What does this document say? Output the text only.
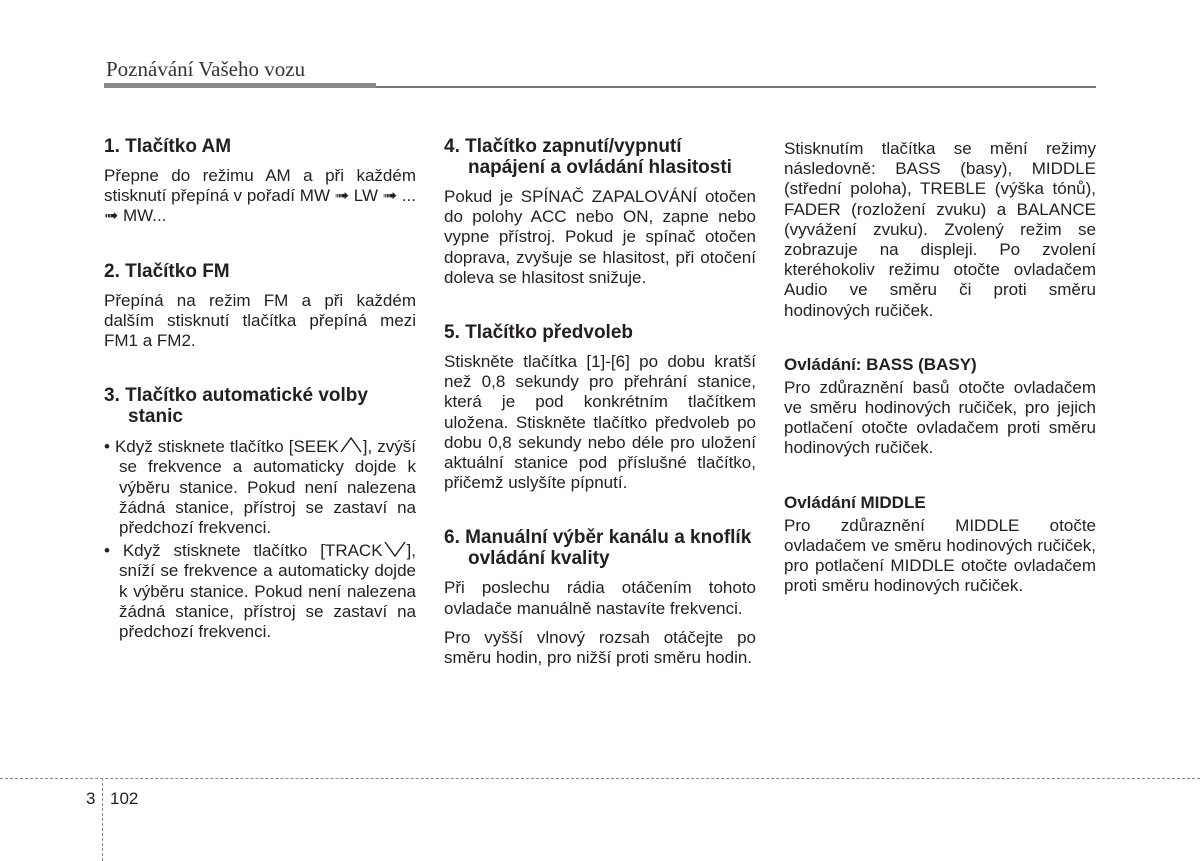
Poznávání Vašeho vozu
1. Tlačítko AM

Přepne do režimu AM a při každém stisknutí přepíná v pořadí MW ➟ LW ➟ ... ➟ MW...

2. Tlačítko FM

Přepíná na režim FM a při každém dalším stisknutí tlačítka přepíná mezi FM1 a FM2.

3. Tlačítko automatické volby stanic
• Když stisknete tlačítko [SEEK ], zvýší se frekvence a automaticky dojde k výběru stanice. Pokud není nalezena žádná stanice, přístroj se zastaví na předchozí frekvenci.
• Když stisknete tlačítko [TRACK ], sníží se frekvence a automaticky dojde k výběru stanice. Pokud není nalezena žádná stanice, přístroj se zastaví na předchozí frekvenci.
4. Tlačítko zapnutí/vypnutí napájení a ovládání hlasitosti

Pokud je SPÍNAČ ZAPALOVÁNÍ otočen do polohy ACC nebo ON, zapne nebo vypne přístroj. Pokud je spínač otočen doprava, zvyšuje se hlasitost, při otočení doleva se hlasitost snižuje.

5. Tlačítko předvoleb

Stiskněte tlačítka [1]-[6] po dobu kratší než 0,8 sekundy pro přehrání stanice, která je pod konkrétním tlačítkem uložena. Stiskněte tlačítko předvoleb po dobu 0,8 sekundy nebo déle pro uložení aktuální stanice pod příslušné tlačítko, přičemž uslyšíte pípnutí.

6. Manuální výběr kanálu a knoflík ovládání kvality

Při poslechu rádia otáčením tohoto ovladače manuálně nastavíte frekvenci.

Pro vyšší vlnový rozsah otáčejte po směru hodin, pro nižší proti směru hodin.

Stisknutím tlačítka se mění režimy následovně: BASS (basy), MIDDLE (střední poloha), TREBLE (výška tónů), FADER (rozložení zvuku) a BALANCE (vyvážení zvuku). Zvolený režim se zobrazuje na displeji. Po zvolení kteréhokoliv režimu otočte ovladačem Audio ve směru či proti směru hodinových ručiček.

Ovládání: BASS (BASY)

Pro zdůraznění basů otočte ovladačem ve směru hodinových ručiček, pro jejich potlačení otočte ovladačem proti směru hodinových ručiček.

Ovládání MIDDLE

Pro zdůraznění MIDDLE otočte ovladačem ve směru hodinových ručiček, pro potlačení MIDDLE otočte ovladačem proti směru hodinových ručiček.

3 102
